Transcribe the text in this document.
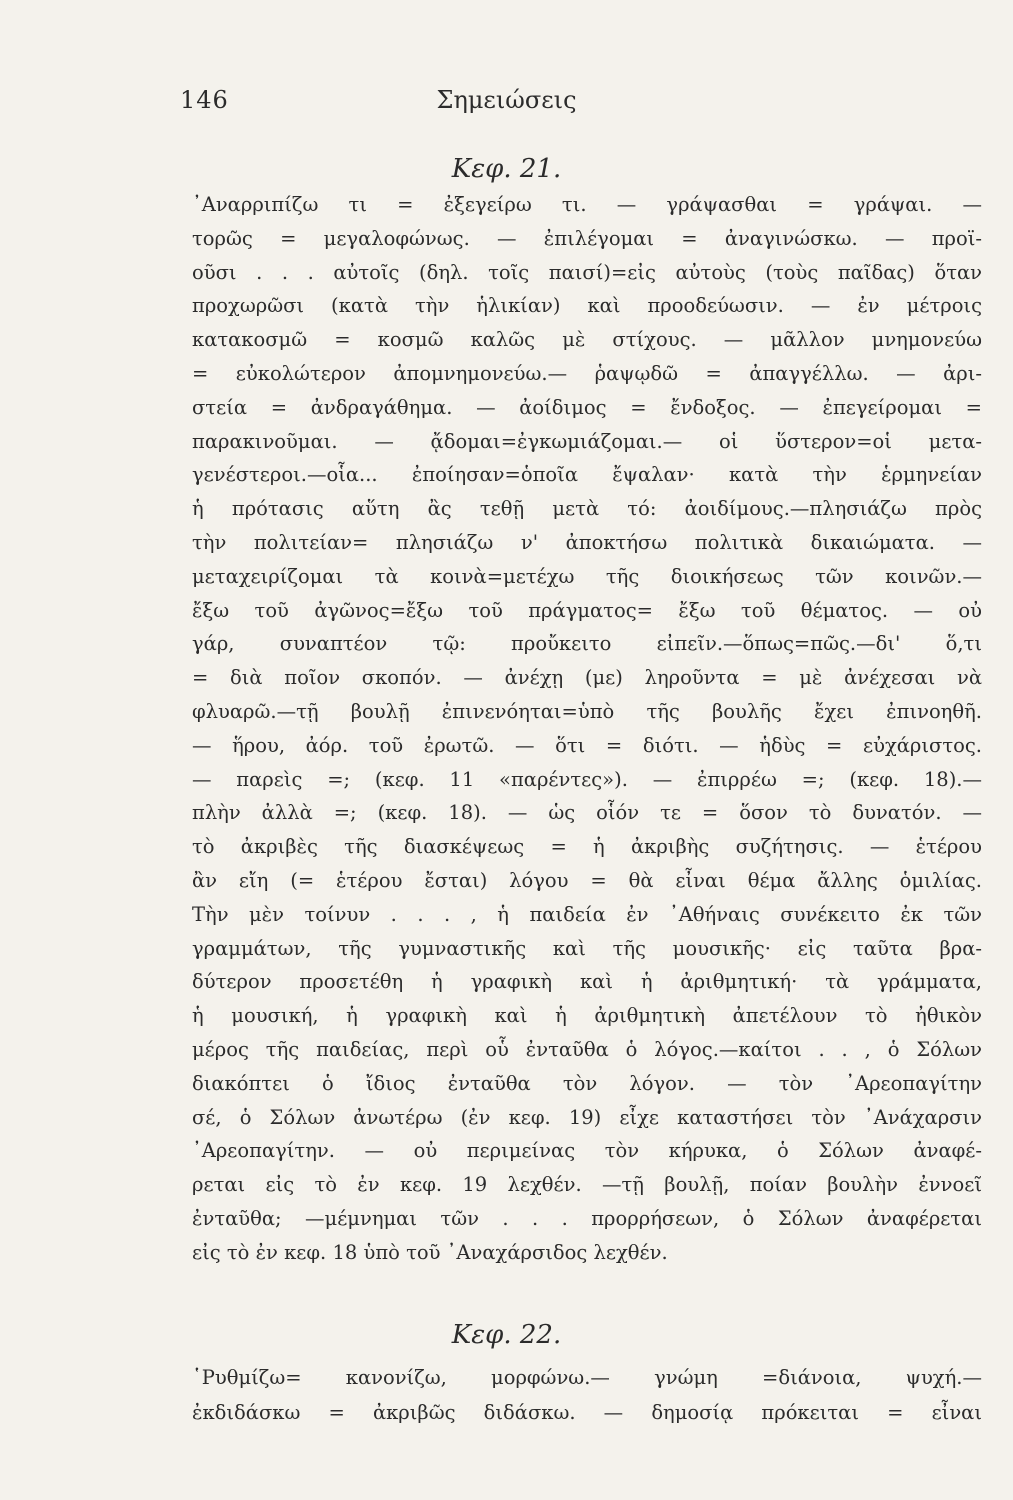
146	Σημειώσεις
Κεφ. 21.
᾿Αναρριπίζω τι = ἐξεγείρω τι. — γράψασθαι = γράψαι. —
τορῶς = μεγαλοφώνως. — ἐπιλέγομαι = ἀναγινώσκω. — προϊ-
οῦσι . . . αὐτοῖς (δηλ. τοῖς παισί)=εἰς αὐτοὺς (τοὺς παῖδας) ὅταν
προχωρῶσι (κατὰ τὴν ἡλικίαν) καὶ προοδεύωσιν. — ἐν μέτροις
κατακοσμῶ = κοσμῶ καλῶς μὲ στίχους. — μᾶλλον μνημονεύω
= εὐκολώτερον ἀπομνημονεύω.— ῥαψῳδῶ = ἀπαγγέλλω. — ἀρι-
στεία = ἀνδραγάθημα. — ἀοίδιμος = ἔνδοξος. — ἐπεγείρομαι =
παρακινοῦμαι. — ᾄδομαι=ἐγκωμιάζομαι.— οἱ ὕστερον=οἱ μετα-
γενέστεροι.—οἷα... ἐποίησαν=ὁποῖα ἔψαλαν· κατὰ τὴν ἑρμηνείαν
ἡ πρότασις αὕτη ἂς τεθῇ μετὰ τό: ἀοιδίμους.—πλησιάζω πρὸς
τὴν πολιτείαν= πλησιάζω ν' ἀποκτήσω πολιτικὰ δικαιώματα. —
μεταχειρίζομαι τὰ κοινὰ=μετέχω τῆς διοικήσεως τῶν κοινῶν.—
ἔξω τοῦ ἀγῶνος=ἔξω τοῦ πράγματος= ἔξω τοῦ θέματος. — οὐ
γάρ, συναπτέον τῷ: προὔκειτο εἰπεῖν.—ὅπως=πῶς.—δι' ὅ,τι
= διὰ ποῖον σκοπόν. — ἀνέχῃ (με) ληροῦντα = μὲ ἀνέχεσαι νὰ
φλυαρῶ.—τῇ βουλῇ ἐπινενόηται=ὑπὸ τῆς βουλῆς ἔχει ἐπινοηθῆ.
— ἥρου, ἀόρ. τοῦ ἐρωτῶ. — ὅτι = διότι. — ἡδὺς = εὐχάριστος.
— παρεὶς =; (κεφ. 11 «παρέντες»). — ἐπιρρέω =; (κεφ. 18).—
πλὴν ἀλλὰ =; (κεφ. 18). — ὡς οἷόν τε = ὅσον τὸ δυνατόν. —
τὸ ἀκριβὲς τῆς διασκέψεως = ἡ ἀκριβὴς συζήτησις. — ἑτέρου
ἂν εἴη (= ἑτέρου ἔσται) λόγου = θὰ εἶναι θέμα ἄλλης ὁμιλίας.
Τὴν μὲν τοίνυν . . . , ἡ παιδεία ἐν ᾿Αθήναις συνέκειτο ἐκ τῶν
γραμμάτων, τῆς γυμναστικῆς καὶ τῆς μουσικῆς· εἰς ταῦτα βρα-
δύτερον προσετέθη ἡ γραφικὴ καὶ ἡ ἀριθμητική· τὰ γράμματα,
ἡ μουσική, ἡ γραφικὴ καὶ ἡ ἀριθμητικὴ ἀπετέλουν τὸ ἠθικὸν
μέρος τῆς παιδείας, περὶ οὗ ἐνταῦθα ὁ λόγος.—καίτοι . . , ὁ Σόλων
διακόπτει ὁ ἴδιος ἐνταῦθα τὸν λόγον. — τὸν ᾿Αρεοπαγίτην
σέ, ὁ Σόλων ἀνωτέρω (ἐν κεφ. 19) εἶχε καταστήσει τὸν ᾿Ανάχαρσιν
᾿Αρεοπαγίτην. — οὐ περιμείνας τὸν κήρυκα, ὁ Σόλων ἀναφέ-
ρεται εἰς τὸ ἐν κεφ. 19 λεχθέν. —τῇ βουλῇ, ποίαν βουλὴν ἐννοεῖ
ἐνταῦθα; —μέμνημαι τῶν . . . προρρήσεων, ὁ Σόλων ἀναφέρεται
εἰς τὸ ἐν κεφ. 18 ὑπὸ τοῦ ᾿Αναχάρσιδος λεχθέν.
Κεφ. 22.
῾Ρυθμίζω= κανονίζω, μορφώνω.— γνώμη =διάνοια, ψυχή.—
ἐκδιδάσκω = ἀκριβῶς διδάσκω. — δημοσίᾳ πρόκειται = εἶναι
